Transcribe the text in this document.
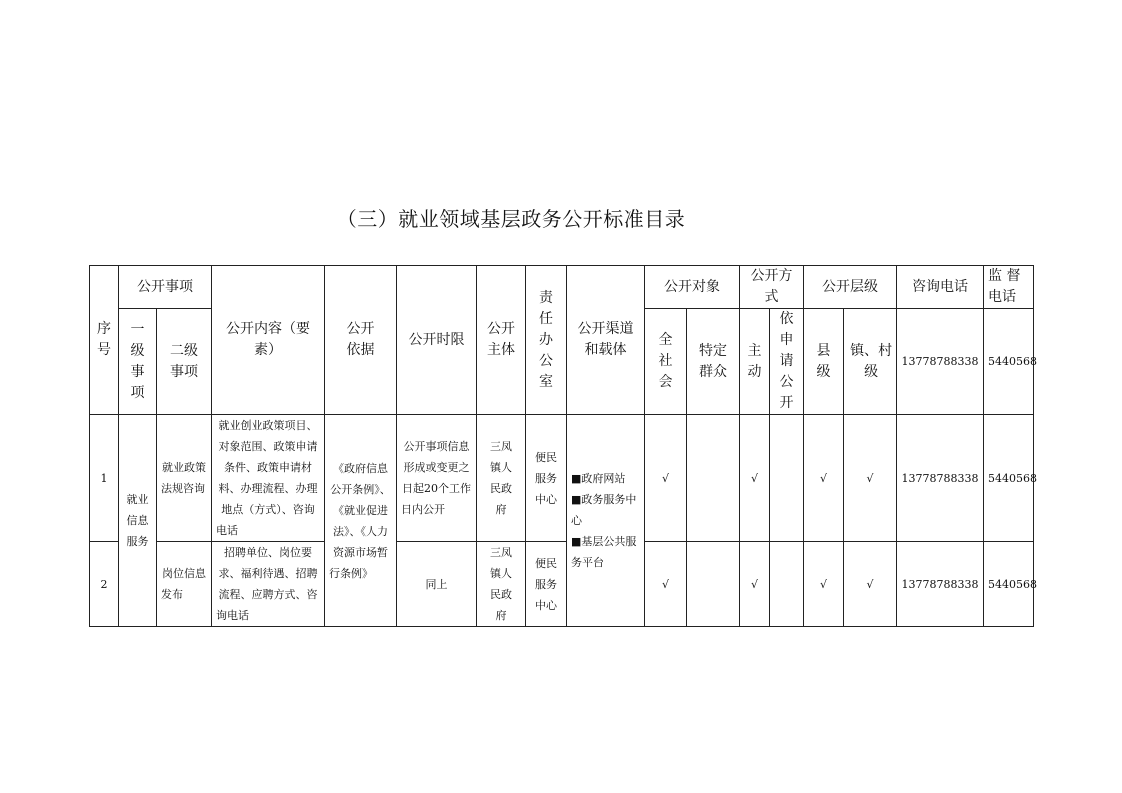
（三）就业领域基层政务公开标准目录
序号	公开事项		公开内容（要素）	公开依据	公开时限	公开主体	责任办公室	公开渠道和载体	公开对象		公开方式		公开层级		咨询电话	监 督电话
	一级事项	二级事项							全社会	特定群众	主动	依申请公开	县级	镇、村级	13778788338	5440568
1	就业信息服务	就业政策法规咨询	就业创业政策项目、对象范围、政策申请条件、政策申请材料、办理流程、办理地点（方式）、咨询电话	《政府信息公开条例》、《就业促进法》、《人力资源市场暂行条例》	公开事项信息形成或变更之日起20个工作日内公开	三凤镇人民政府	便民服务中心	■政府网站
■政务服务中心
■基层公共服务平台	√		√		√	√	13778788338	5440568
2		岗位信息发布	招聘单位、岗位要求、福利待遇、招聘流程、应聘方式、咨询电话		同上	三凤镇人民政府	便民服务中心		√		√		√	√	13778788338	5440568
